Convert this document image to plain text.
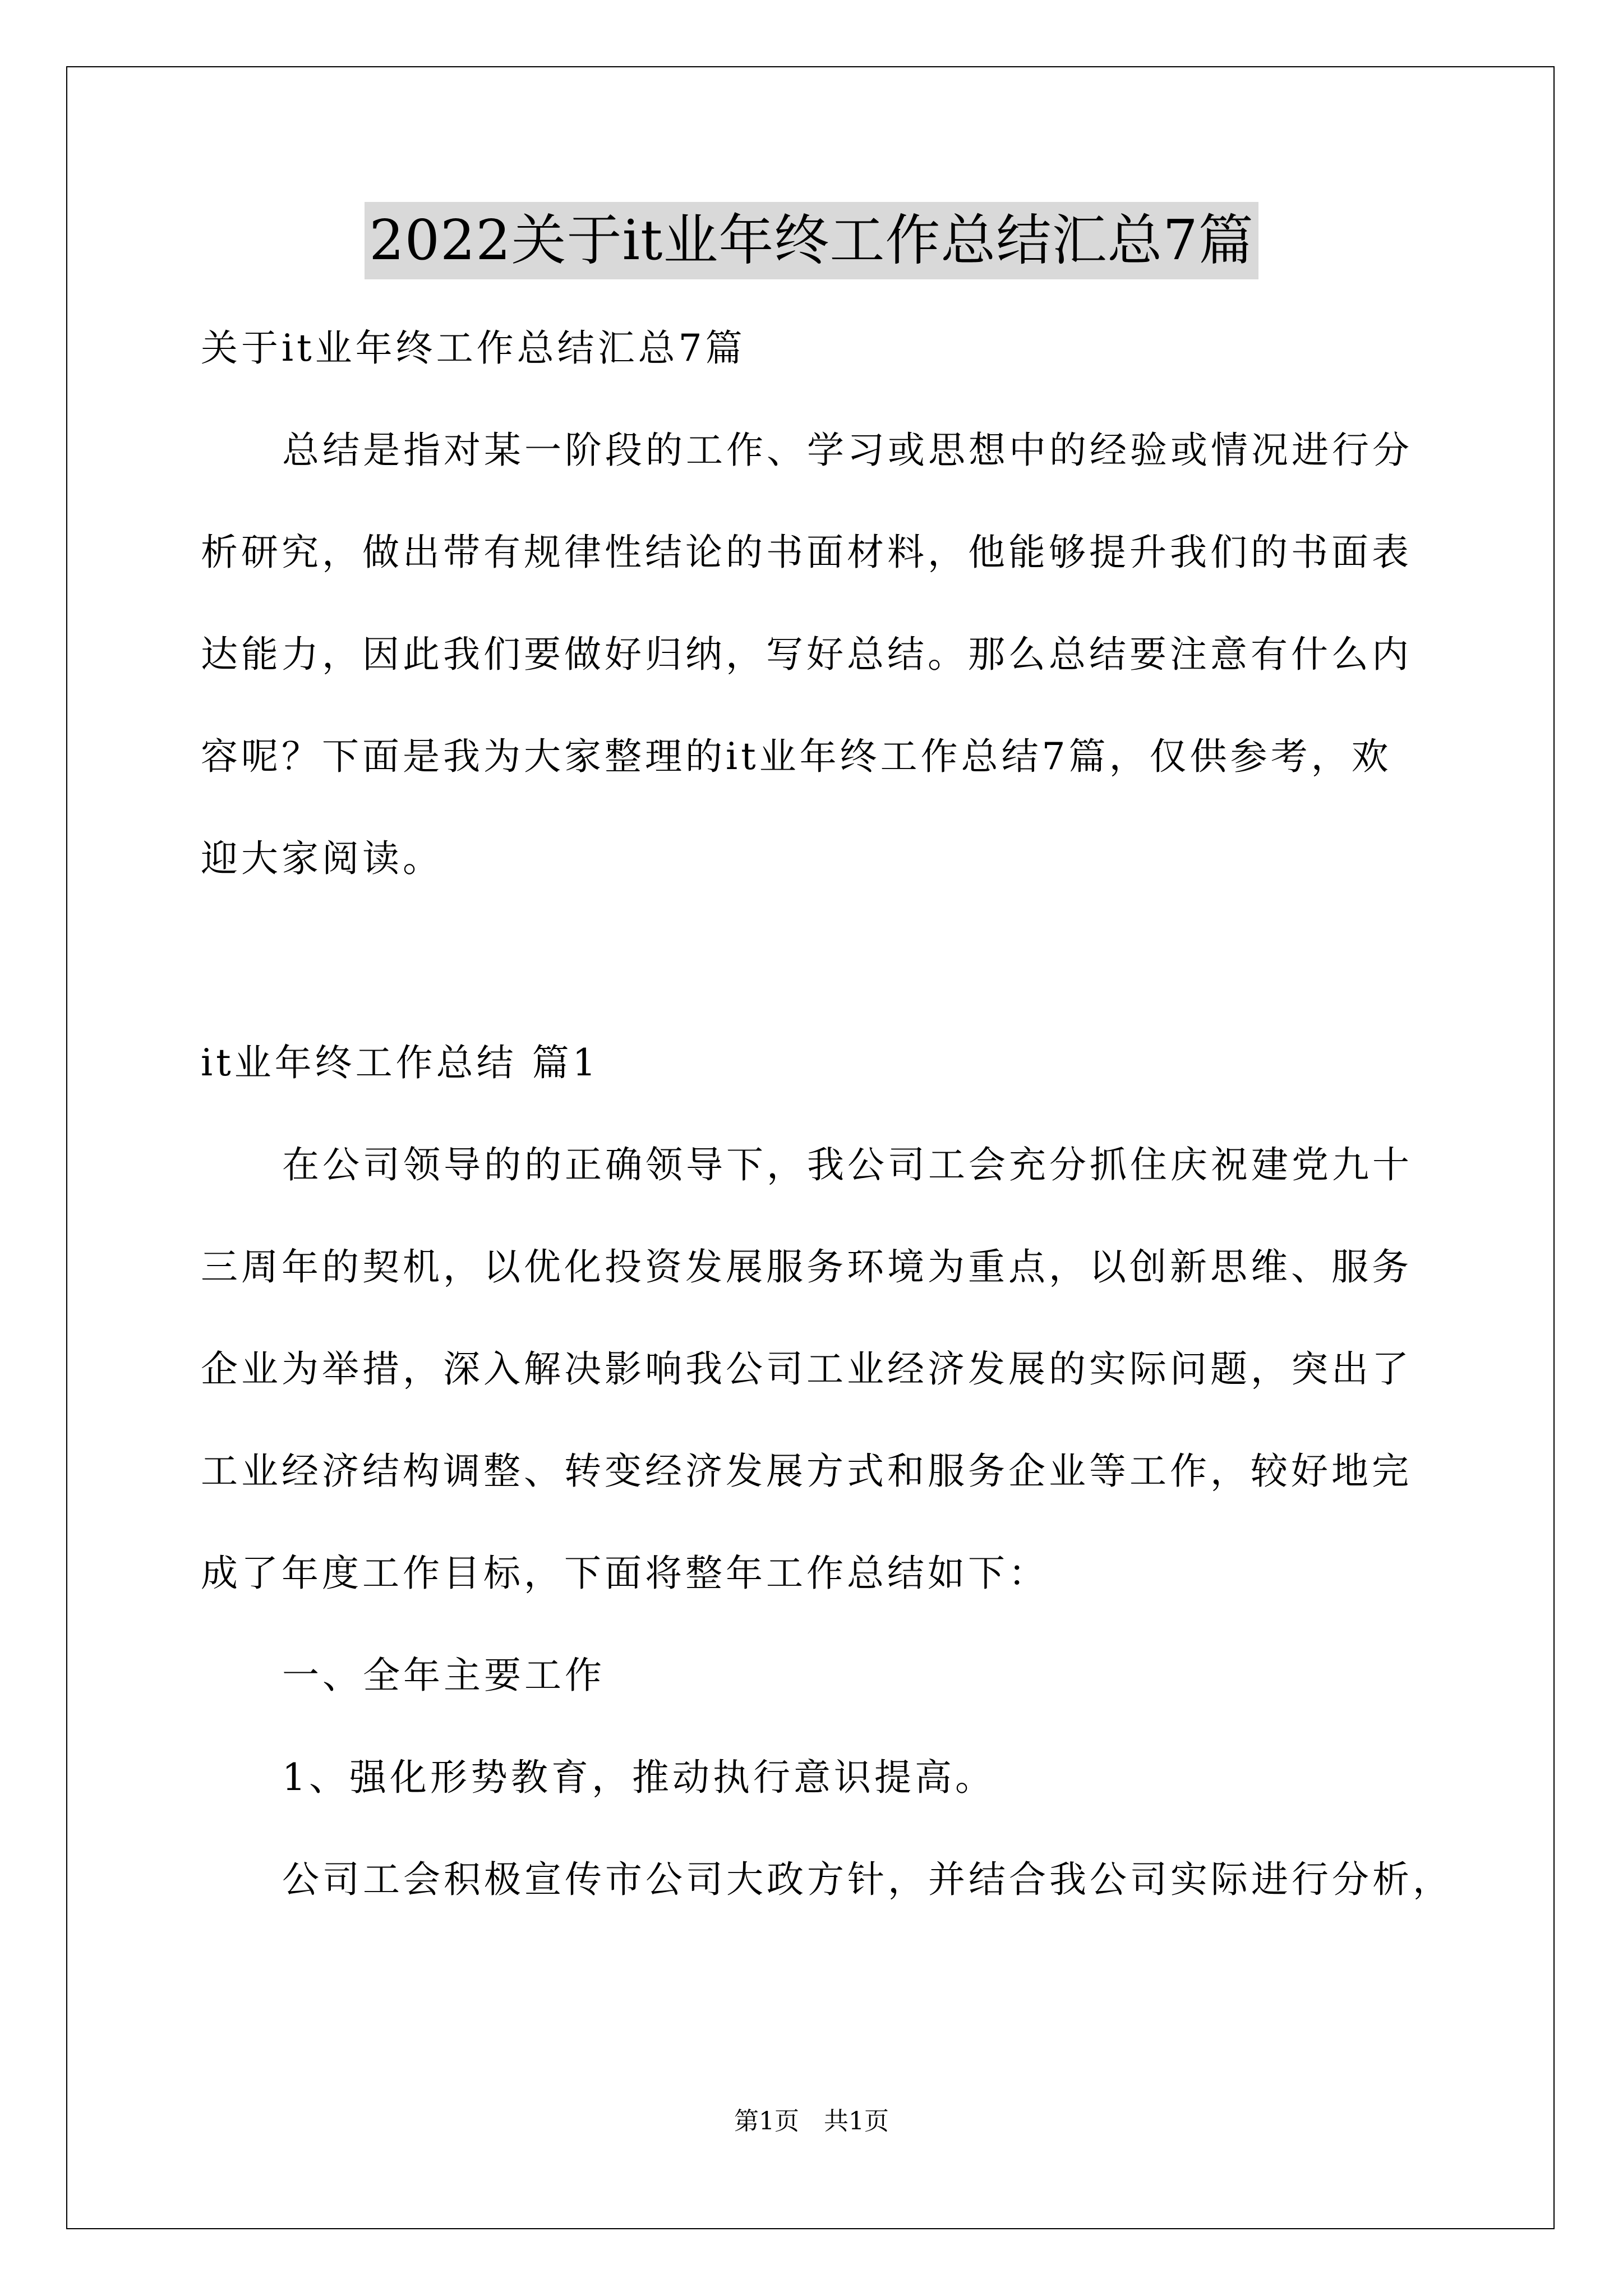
2022关于it业年终工作总结汇总7篇
关于it业年终工作总结汇总7篇
总结是指对某一阶段的工作、学习或思想中的经验或情况进行分
析研究，做出带有规律性结论的书面材料，他能够提升我们的书面表
达能力，因此我们要做好归纳，写好总结。那么总结要注意有什么内
容呢？下面是我为大家整理的it业年终工作总结7篇，仅供参考，欢
迎大家阅读。
it业年终工作总结 篇1
在公司领导的的正确领导下，我公司工会充分抓住庆祝建党九十
三周年的契机，以优化投资发展服务环境为重点，以创新思维、服务
企业为举措，深入解决影响我公司工业经济发展的实际问题，突出了
工业经济结构调整、转变经济发展方式和服务企业等工作，较好地完
成了年度工作目标，下面将整年工作总结如下：
一、全年主要工作
1、强化形势教育，推动执行意识提高。
公司工会积极宣传市公司大政方针，并结合我公司实际进行分析，
第1页　共1页
